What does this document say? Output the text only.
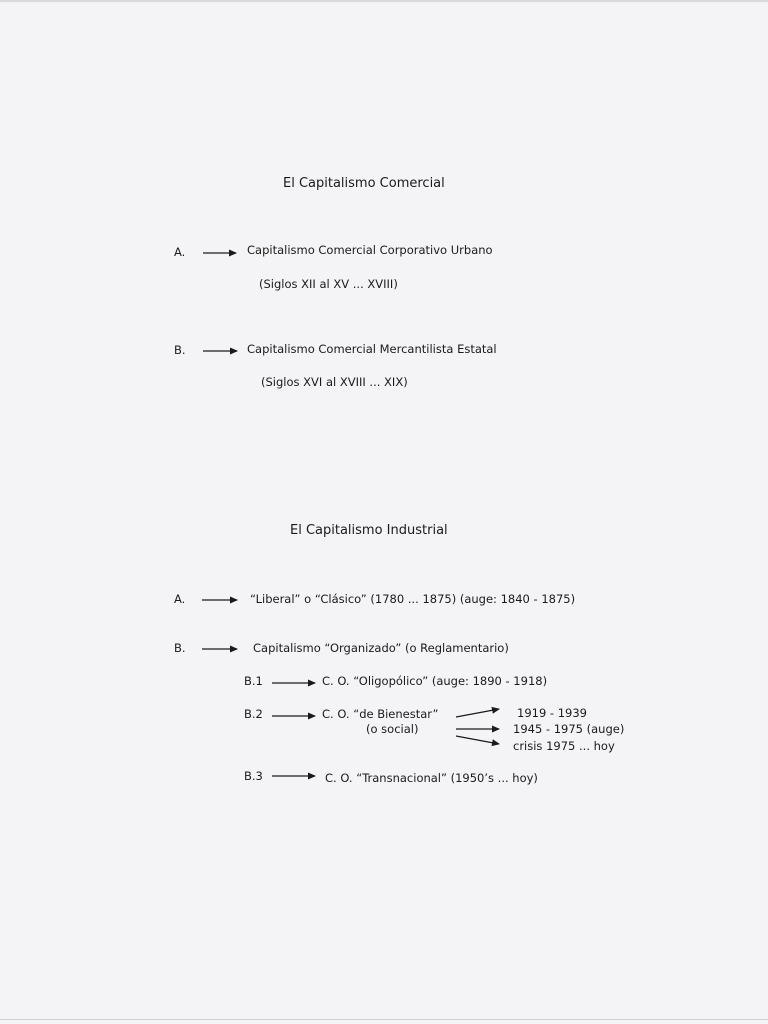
El Capitalismo Comercial
A.	Capitalismo Comercial Corporativo Urbano
(Siglos XII al XV ... XVIII)
B.	Capitalismo Comercial Mercantilista Estatal
(Siglos XVI al XVIII ... XIX)
El Capitalismo Industrial
A.	“Liberal” o “Clásico” (1780 ... 1875) (auge: 1840 - 1875)
B.	Capitalismo “Organizado” (o Reglamentario)
B.1	C. O. “Oligopólico” (auge: 1890 - 1918)
B.2	C. O. “de Bienestar”
(o social)
1919 - 1939
1945 - 1975 (auge)
crisis 1975 ... hoy
B.3	C. O. “Transnacional” (1950’s ... hoy)
